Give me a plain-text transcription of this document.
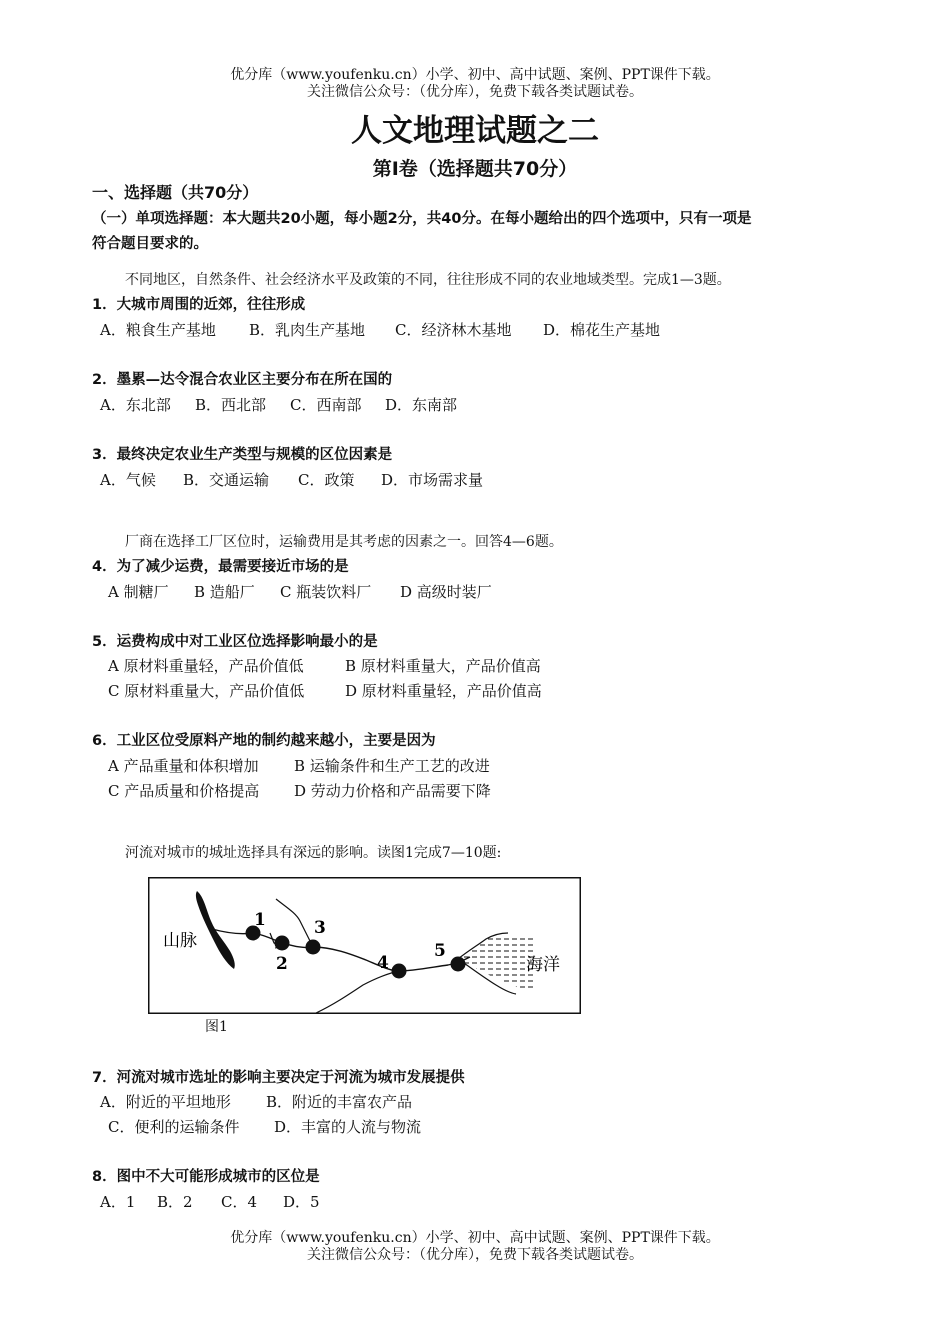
优分库（www.youfenku.cn）小学、初中、高中试题、案例、PPT课件下载。
关注微信公众号：（优分库），免费下载各类试题试卷。
人文地理试题之二
第Ⅰ卷（选择题共70分）
一、选择题（共70分）
（一）单项选择题：本大题共20小题，每小题2分，共40分。在每小题给出的四个选项中，只有一项是
符合题目要求的。
不同地区，自然条件、社会经济水平及政策的不同，往往形成不同的农业地域类型。完成1—3题。
1．大城市周围的近郊，往往形成
A．粮食生产基地 B．乳肉生产基地 C．经济林木基地 D．棉花生产基地
2．墨累—达令混合农业区主要分布在所在国的
A．东北部 B．西北部 C．西南部 D．东南部
3．最终决定农业生产类型与规模的区位因素是
A．气候 B．交通运输 C．政策 D．市场需求量
厂商在选择工厂区位时，运输费用是其考虑的因素之一。回答4—6题。
4．为了减少运费，最需要接近市场的是
A 制糖厂 B 造船厂 C 瓶装饮料厂 D 高级时装厂
5．运费构成中对工业区位选择影响最小的是
A 原材料重量轻，产品价值低	B 原材料重量大，产品价值高
C 原材料重量大，产品价值低	D 原材料重量轻，产品价值高
6．工业区位受原料产地的制约越来越小，主要是因为
A 产品重量和体积增加 B 运输条件和生产工艺的改进
C 产品质量和价格提高 D 劳动力价格和产品需要下降
河流对城市的城址选择具有深远的影响。读图1完成7—10题:
1
2
3
4
5
山脉
海洋
图1
7．河流对城市选址的影响主要决定于河流为城市发展提供
A．附近的平坦地形 B．附近的丰富农产品
C．便利的运输条件 D．丰富的人流与物流
8．图中不大可能形成城市的区位是
A．1 B．2 C．4 D．5
优分库（www.youfenku.cn）小学、初中、高中试题、案例、PPT课件下载。
关注微信公众号：（优分库），免费下载各类试题试卷。
